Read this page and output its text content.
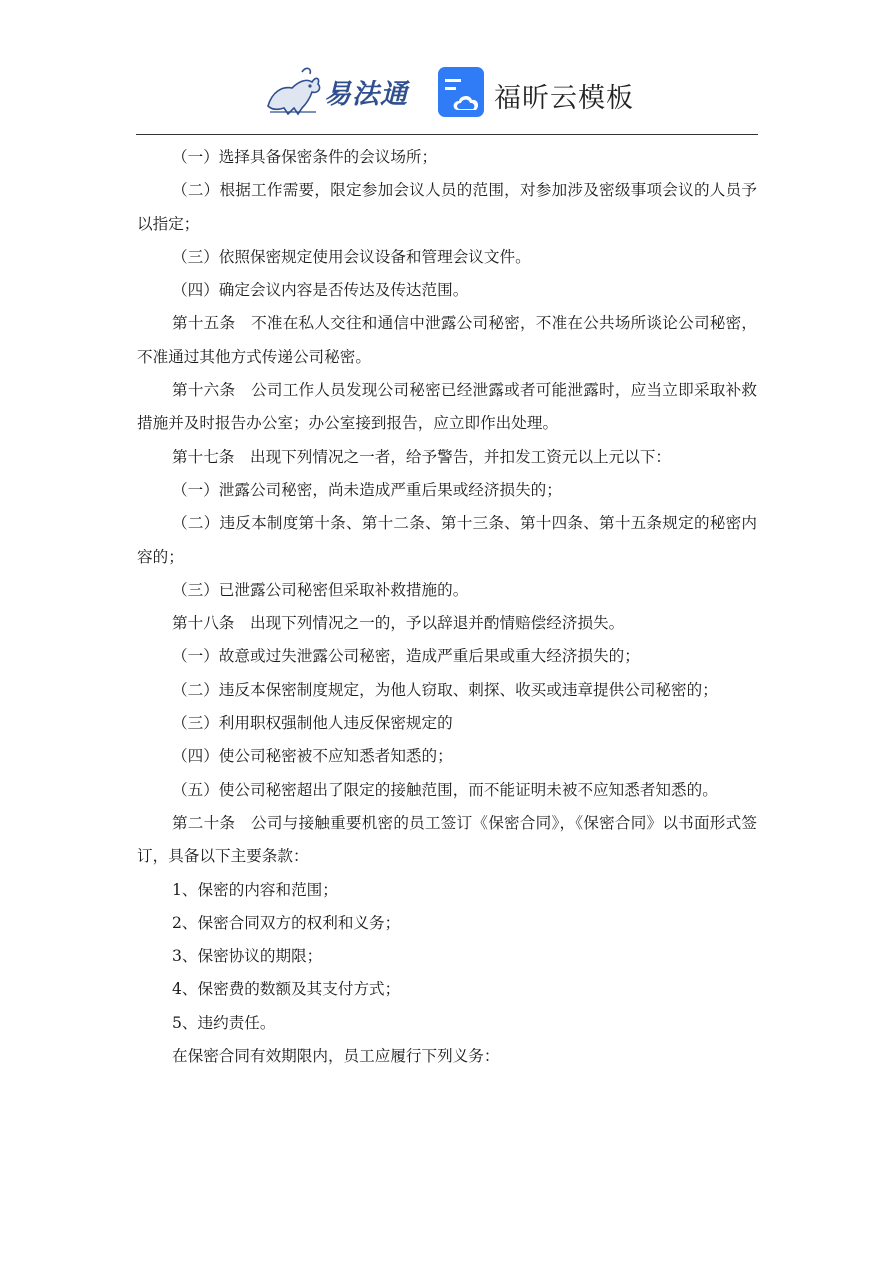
易法通	福昕云模板

（一）选择具备保密条件的会议场所；

（二）根据工作需要，限定参加会议人员的范围，对参加涉及密级事项会议的人员予以指定；

（三）依照保密规定使用会议设备和管理会议文件。

（四）确定会议内容是否传达及传达范围。

第十五条　不准在私人交往和通信中泄露公司秘密，不准在公共场所谈论公司秘密，不准通过其他方式传递公司秘密。

第十六条　公司工作人员发现公司秘密已经泄露或者可能泄露时，应当立即采取补救措施并及时报告办公室；办公室接到报告，应立即作出处理。

第十七条　出现下列情况之一者，给予警告，并扣发工资元以上元以下：

（一）泄露公司秘密，尚未造成严重后果或经济损失的；

（二）违反本制度第十条、第十二条、第十三条、第十四条、第十五条规定的秘密内容的；

（三）已泄露公司秘密但采取补救措施的。

第十八条　出现下列情况之一的，予以辞退并酌情赔偿经济损失。

（一）故意或过失泄露公司秘密，造成严重后果或重大经济损失的；

（二）违反本保密制度规定，为他人窃取、刺探、收买或违章提供公司秘密的；

（三）利用职权强制他人违反保密规定的

（四）使公司秘密被不应知悉者知悉的；

（五）使公司秘密超出了限定的接触范围，而不能证明未被不应知悉者知悉的。

第二十条　公司与接触重要机密的员工签订《保密合同》，《保密合同》以书面形式签订，具备以下主要条款：

1、保密的内容和范围；

2、保密合同双方的权利和义务；

3、保密协议的期限；

4、保密费的数额及其支付方式；

5、违约责任。

在保密合同有效期限内，员工应履行下列义务：
